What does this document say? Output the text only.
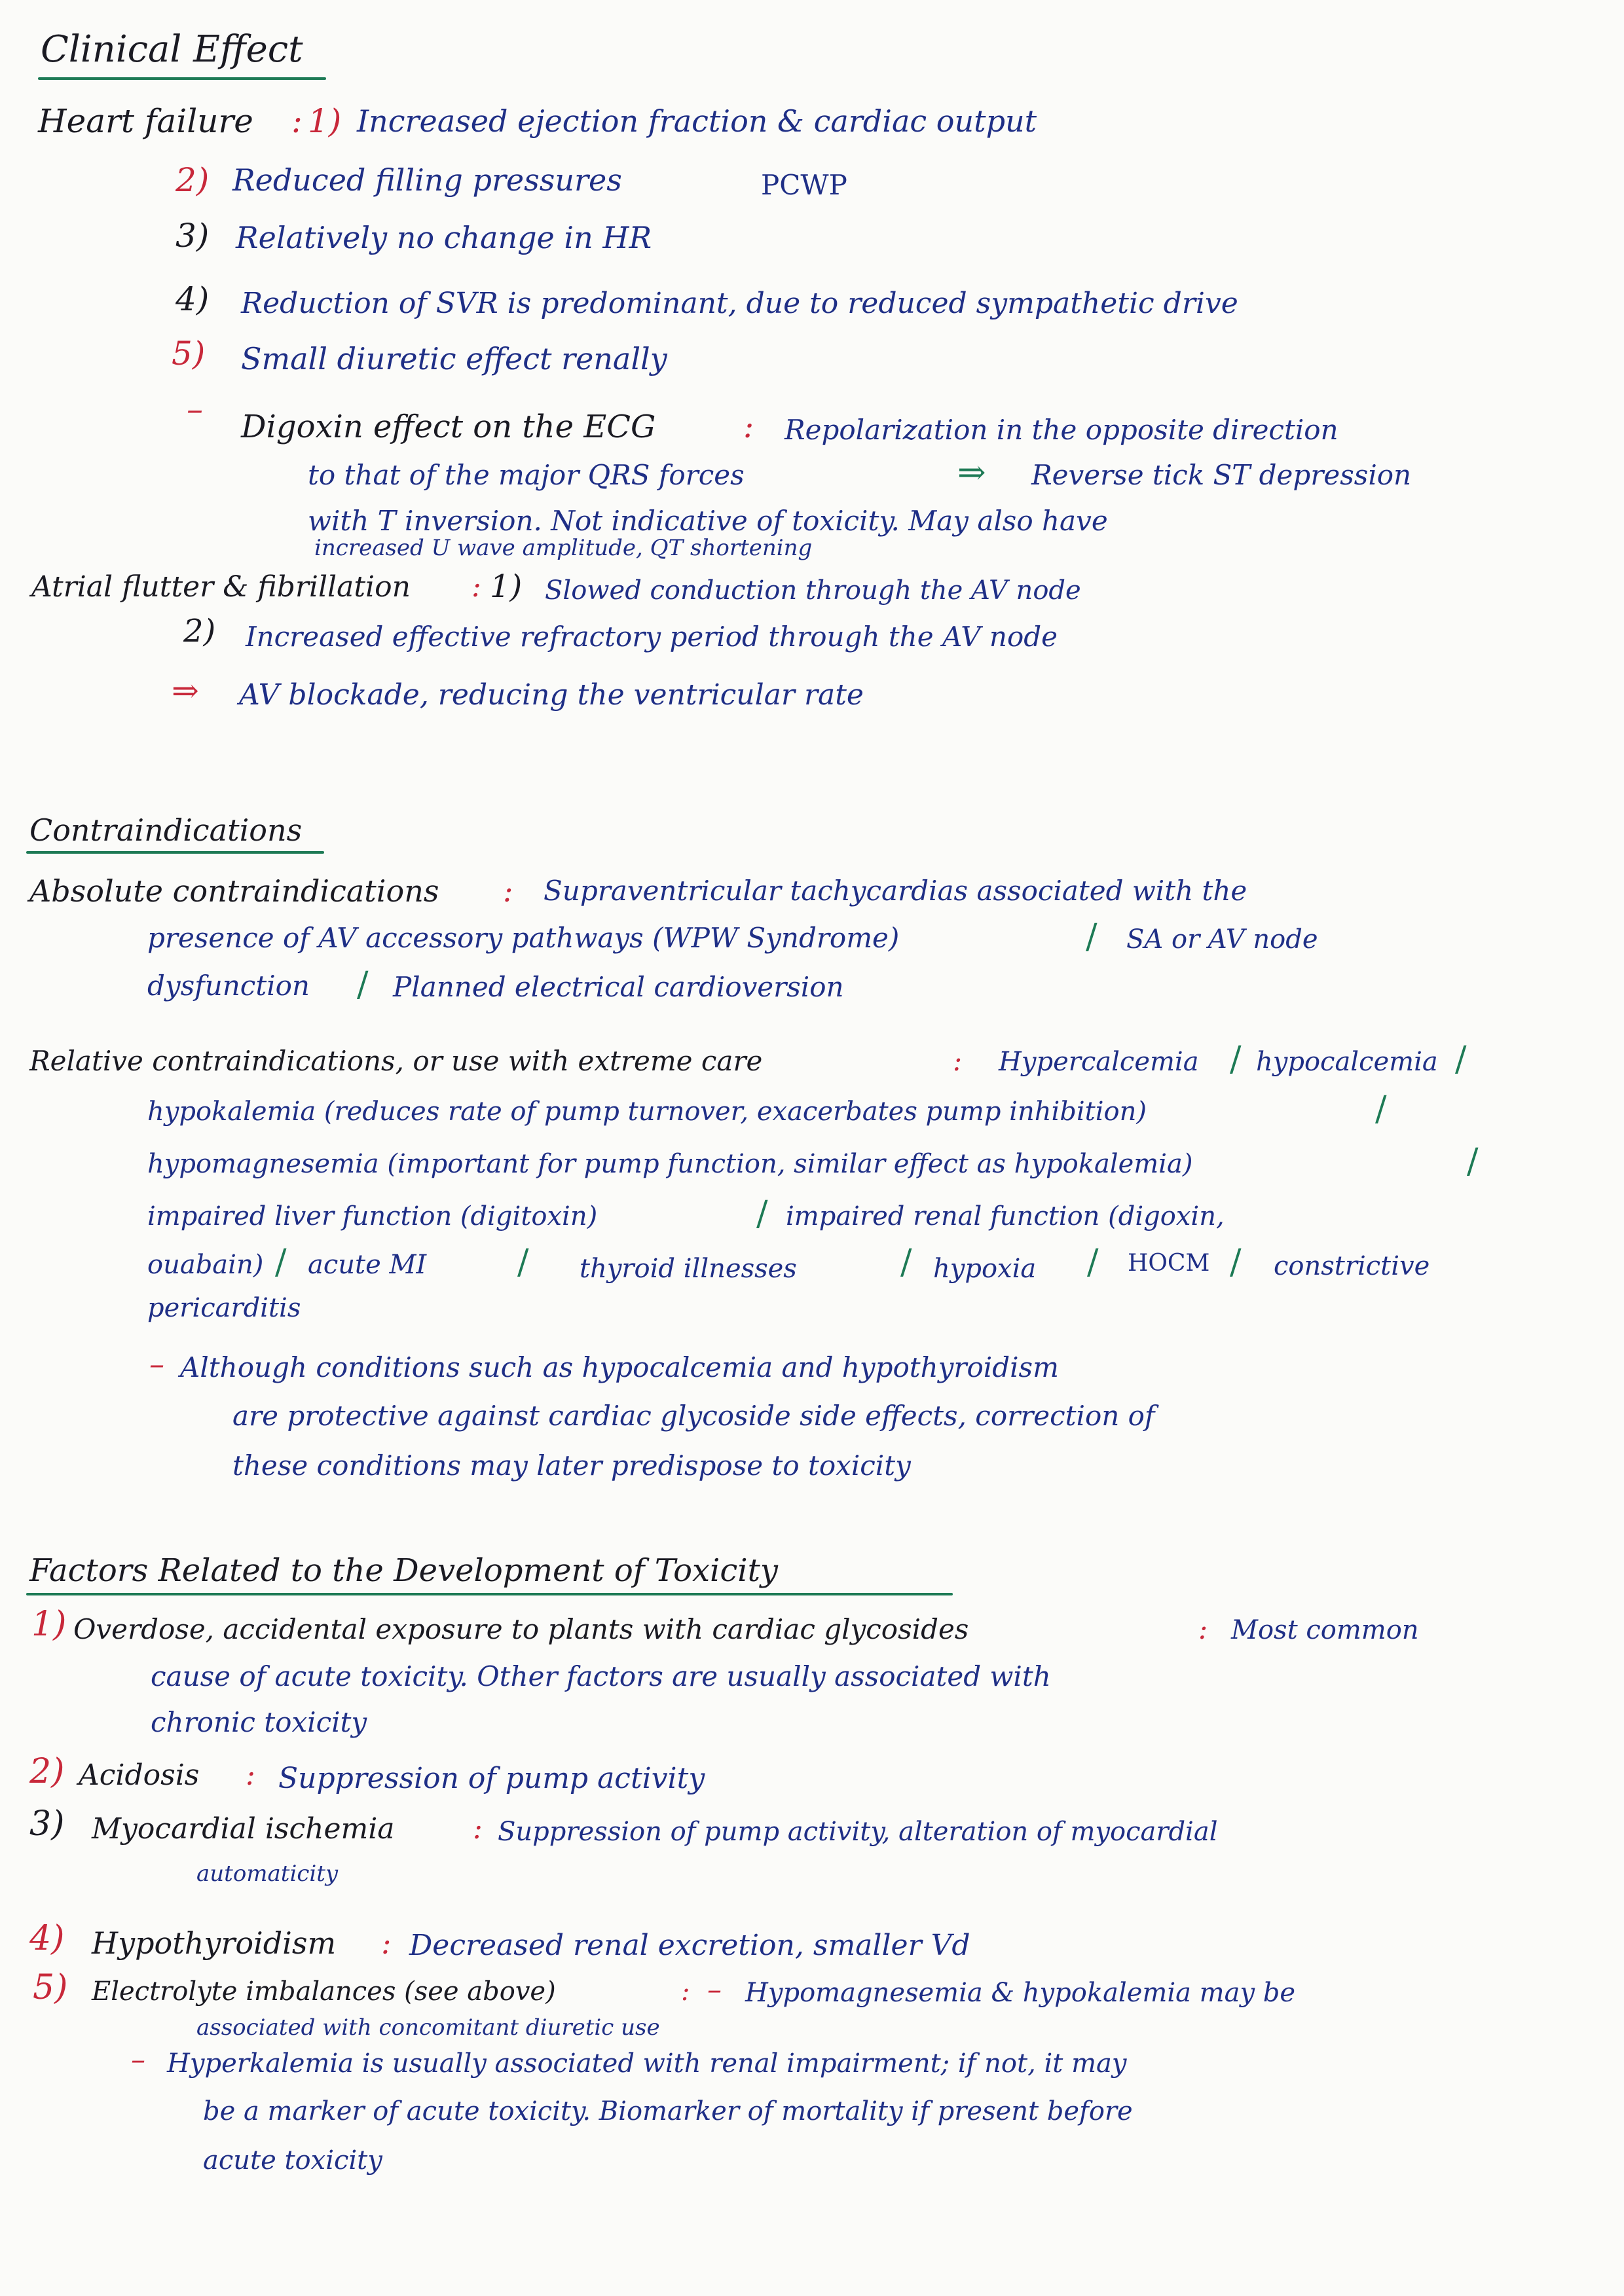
Clinical Effect
Heart failure : 1) Increased ejection fraction & cardiac output
2) Reduced filling pressures	PCWP
3) Relatively no change in HR
4) Reduction of SVR is predominant, due to reduced sympathetic drive
5) Small diuretic effect renally
– Digoxin effect on the ECG	: Repolarization in the opposite direction
to that of the major QRS forces	⇒ Reverse tick ST depression
with T inversion. Not indicative of toxicity. May also have
increased U wave amplitude, QT shortening
Atrial flutter & fibrillation : 1) Slowed conduction through the AV node
2) Increased effective refractory period through the AV node
⇒ AV blockade, reducing the ventricular rate
Contraindications
Absolute contraindications : Supraventricular tachycardias associated with the
presence of AV accessory pathways (WPW Syndrome)	/ SA or AV node
dysfunction / Planned electrical cardioversion
Relative contraindications, or use with extreme care	: Hypercalcemia / hypocalcemia /
hypokalemia (reduces rate of pump turnover, exacerbates pump inhibition)	/
hypomagnesemia (important for pump function, similar effect as hypokalemia)	/
impaired liver function (digitoxin)	/ impaired renal function (digoxin,
ouabain) / acute MI	/ thyroid illnesses	/ hypoxia / HOCM / constrictive
pericarditis
– Although conditions such as hypocalcemia and hypothyroidism
are protective against cardiac glycoside side effects, correction of
these conditions may later predispose to toxicity
Factors Related to the Development of Toxicity
1) Overdose, accidental exposure to plants with cardiac glycosides	: Most common
cause of acute toxicity. Other factors are usually associated with
chronic toxicity
2) Acidosis : Suppression of pump activity
3) Myocardial ischemia	: Suppression of pump activity, alteration of myocardial
automaticity
4) Hypothyroidism : Decreased renal excretion, smaller Vd
5) Electrolyte imbalances (see above)	: – Hypomagnesemia & hypokalemia may be
associated with concomitant diuretic use
– Hyperkalemia is usually associated with renal impairment; if not, it may
be a marker of acute toxicity. Biomarker of mortality if present before
acute toxicity
